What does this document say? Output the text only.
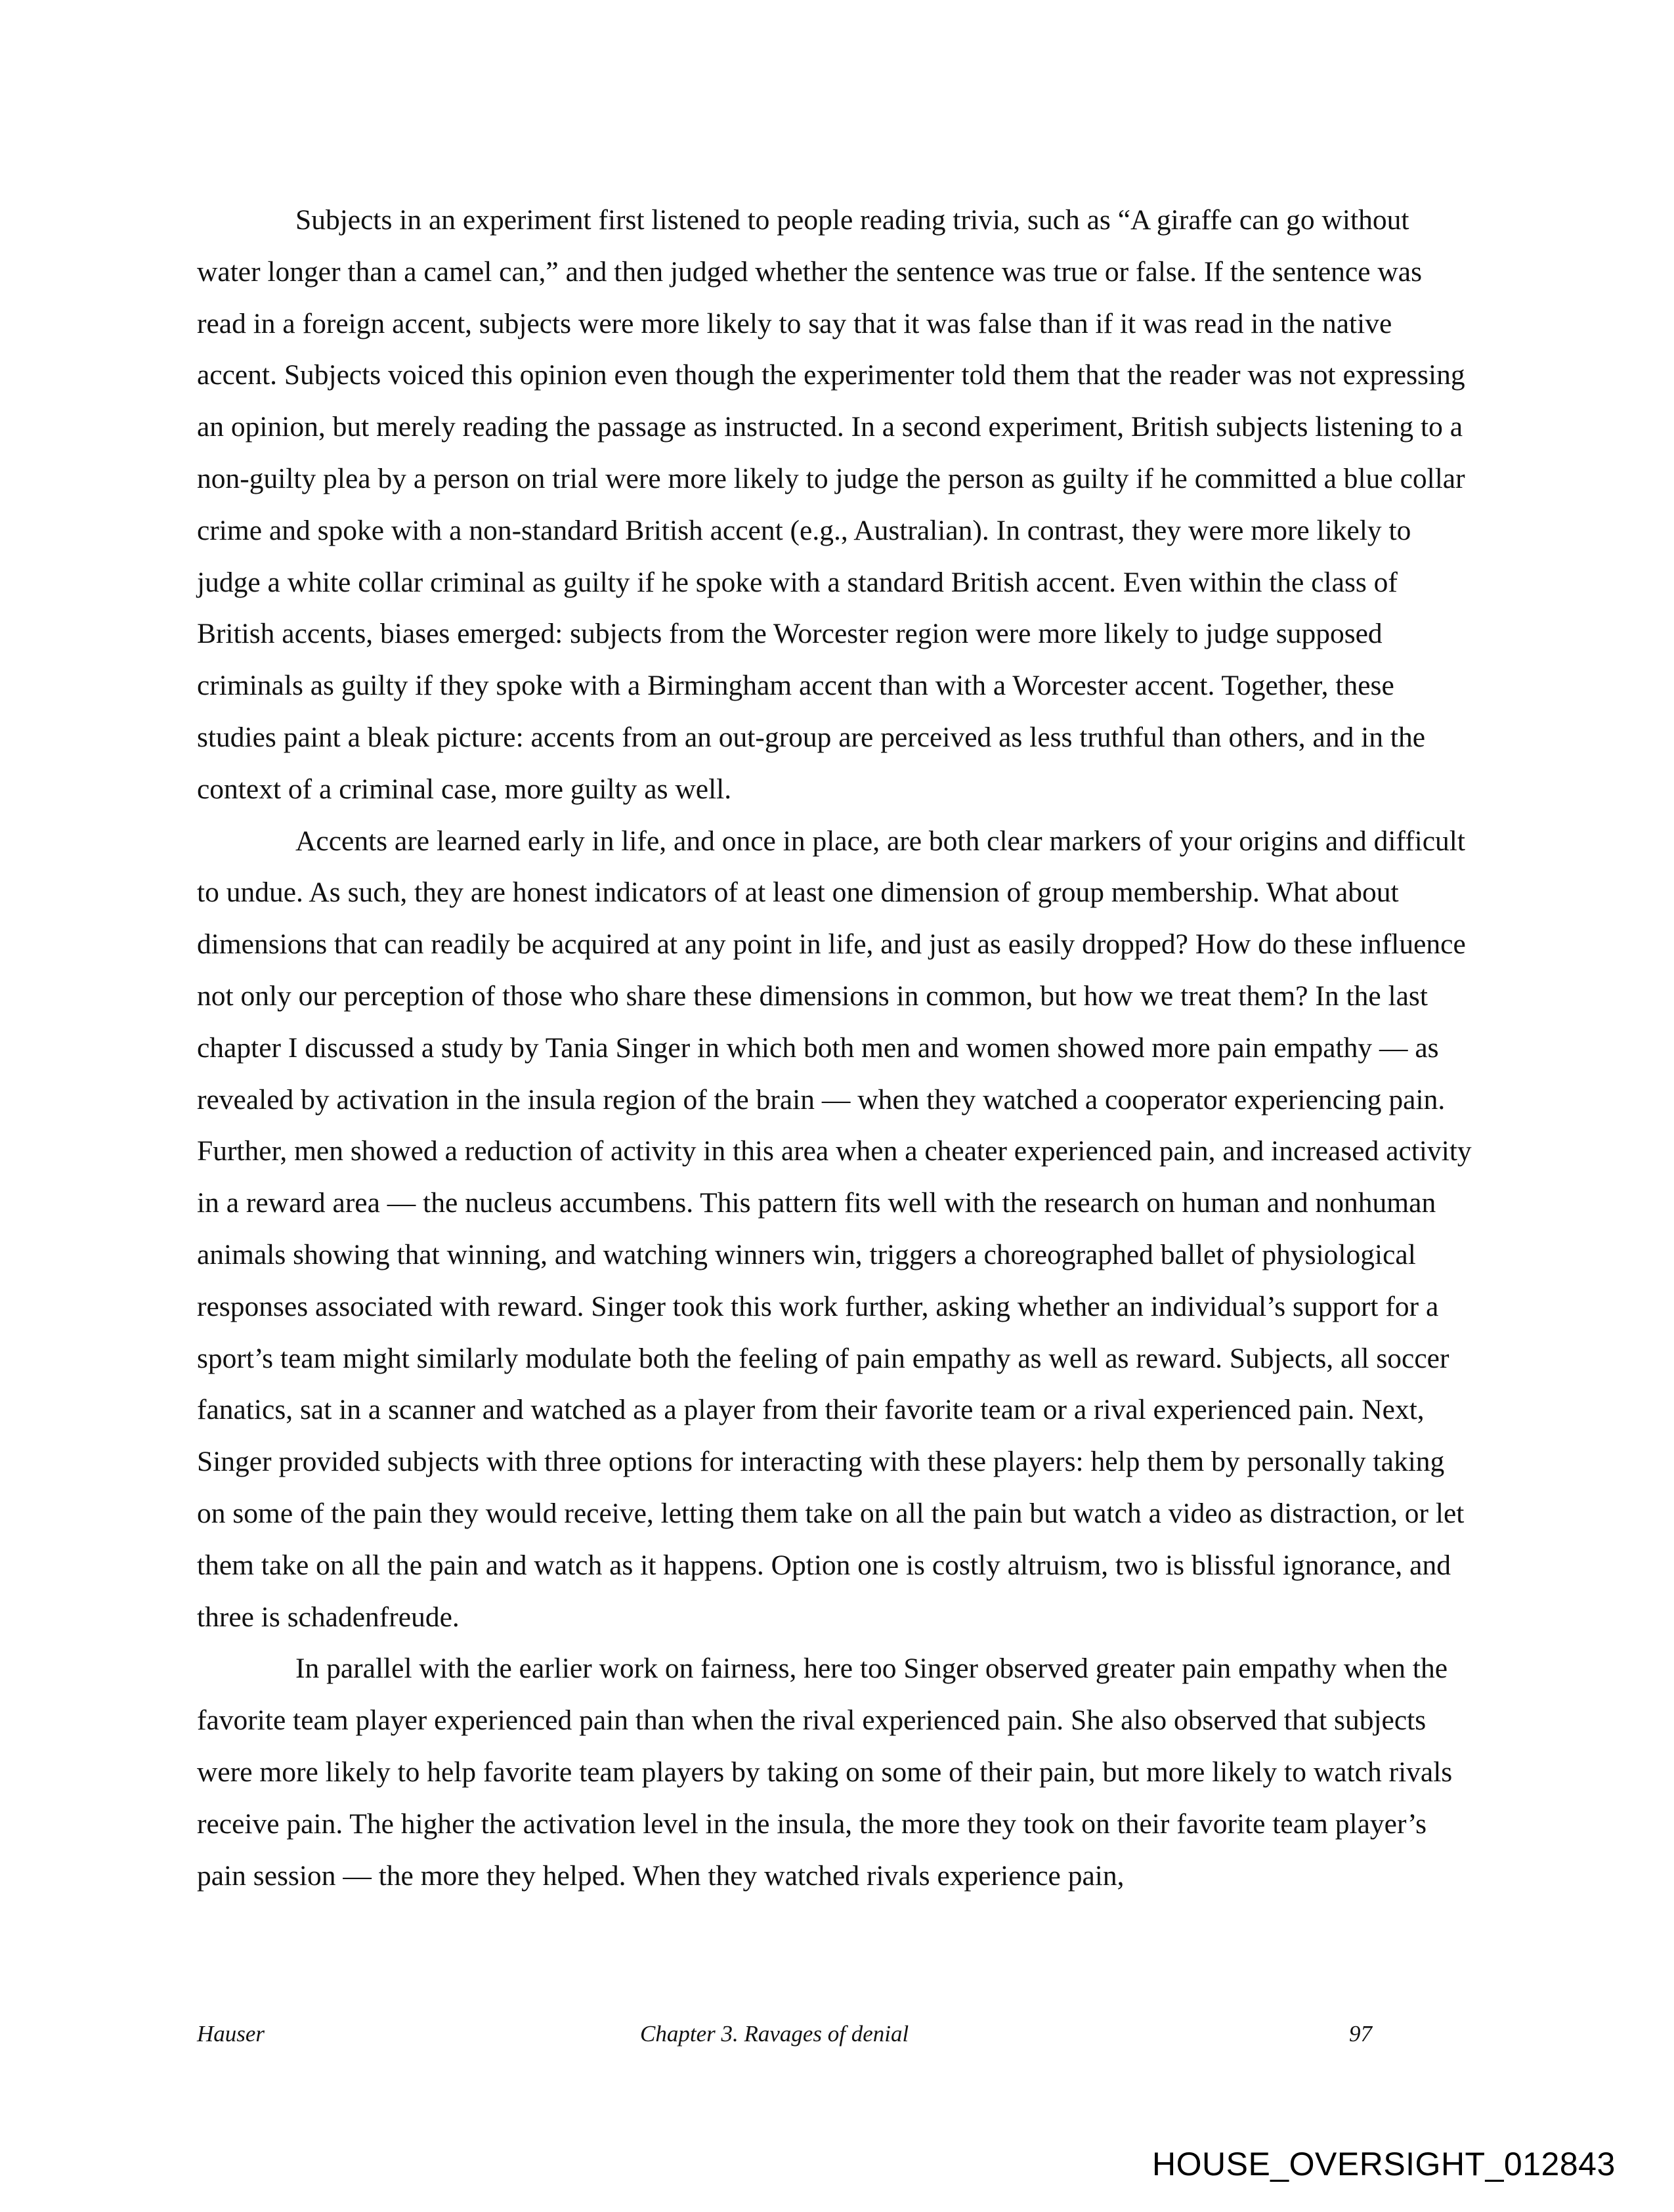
Subjects in an experiment first listened to people reading trivia, such as “A giraffe can go without water longer than a camel can,” and then judged whether the sentence was true or false. If the sentence was read in a foreign accent, subjects were more likely to say that it was false than if it was read in the native accent. Subjects voiced this opinion even though the experimenter told them that the reader was not expressing an opinion, but merely reading the passage as instructed. In a second experiment, British subjects listening to a non-guilty plea by a person on trial were more likely to judge the person as guilty if he committed a blue collar crime and spoke with a non-standard British accent (e.g., Australian). In contrast, they were more likely to judge a white collar criminal as guilty if he spoke with a standard British accent. Even within the class of British accents, biases emerged: subjects from the Worcester region were more likely to judge supposed criminals as guilty if they spoke with a Birmingham accent than with a Worcester accent. Together, these studies paint a bleak picture: accents from an out-group are perceived as less truthful than others, and in the context of a criminal case, more guilty as well.

Accents are learned early in life, and once in place, are both clear markers of your origins and difficult to undue. As such, they are honest indicators of at least one dimension of group membership. What about dimensions that can readily be acquired at any point in life, and just as easily dropped? How do these influence not only our perception of those who share these dimensions in common, but how we treat them? In the last chapter I discussed a study by Tania Singer in which both men and women showed more pain empathy — as revealed by activation in the insula region of the brain — when they watched a cooperator experiencing pain. Further, men showed a reduction of activity in this area when a cheater experienced pain, and increased activity in a reward area — the nucleus accumbens. This pattern fits well with the research on human and nonhuman animals showing that winning, and watching winners win, triggers a choreographed ballet of physiological responses associated with reward. Singer took this work further, asking whether an individual’s support for a sport’s team might similarly modulate both the feeling of pain empathy as well as reward. Subjects, all soccer fanatics, sat in a scanner and watched as a player from their favorite team or a rival experienced pain. Next, Singer provided subjects with three options for interacting with these players: help them by personally taking on some of the pain they would receive, letting them take on all the pain but watch a video as distraction, or let them take on all the pain and watch as it happens. Option one is costly altruism, two is blissful ignorance, and three is schadenfreude.

In parallel with the earlier work on fairness, here too Singer observed greater pain empathy when the favorite team player experienced pain than when the rival experienced pain. She also observed that subjects were more likely to help favorite team players by taking on some of their pain, but more likely to watch rivals receive pain. The higher the activation level in the insula, the more they took on their favorite team player’s pain session — the more they helped. When they watched rivals experience pain,

Hauser	Chapter 3. Ravages of denial	97
HOUSE_OVERSIGHT_012843
